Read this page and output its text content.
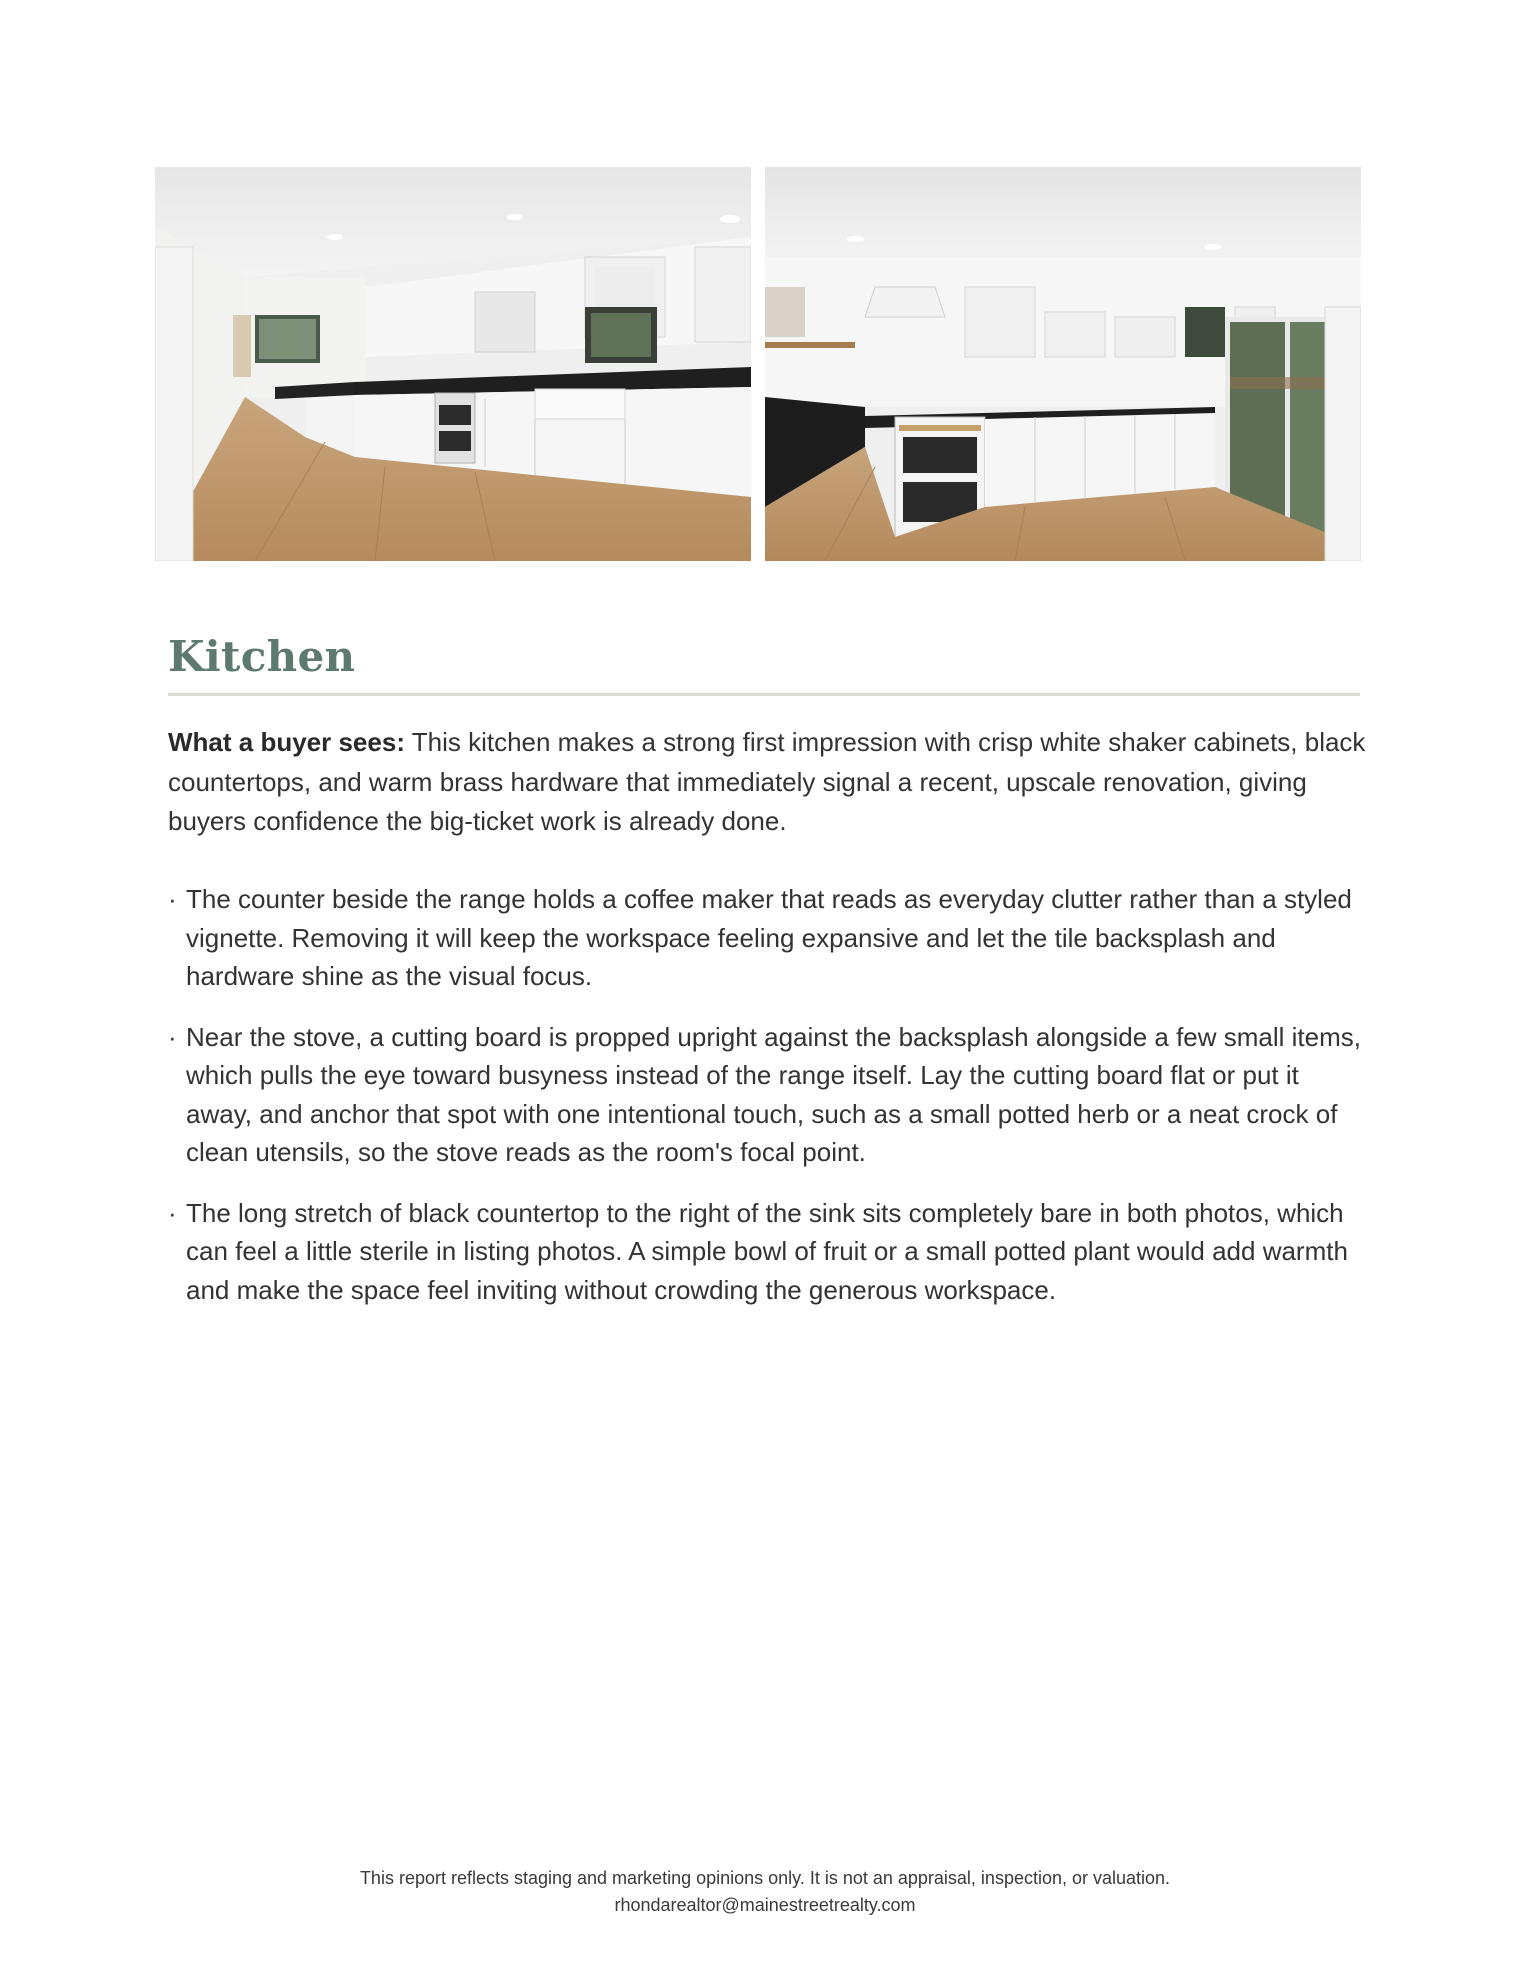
Kitchen

What a buyer sees: This kitchen makes a strong first impression with crisp white shaker cabinets, black countertops, and warm brass hardware that immediately signal a recent, upscale renovation, giving buyers confidence the big-ticket work is already done.

· The counter beside the range holds a coffee maker that reads as everyday clutter rather than a styled vignette. Removing it will keep the workspace feeling expansive and let the tile backsplash and hardware shine as the visual focus.
· Near the stove, a cutting board is propped upright against the backsplash alongside a few small items, which pulls the eye toward busyness instead of the range itself. Lay the cutting board flat or put it away, and anchor that spot with one intentional touch, such as a small potted herb or a neat crock of clean utensils, so the stove reads as the room's focal point.
· The long stretch of black countertop to the right of the sink sits completely bare in both photos, which can feel a little sterile in listing photos. A simple bowl of fruit or a small potted plant would add warmth and make the space feel inviting without crowding the generous workspace.
This report reflects staging and marketing opinions only. It is not an appraisal, inspection, or valuation.
rhondarealtor@mainestreetrealty.com
